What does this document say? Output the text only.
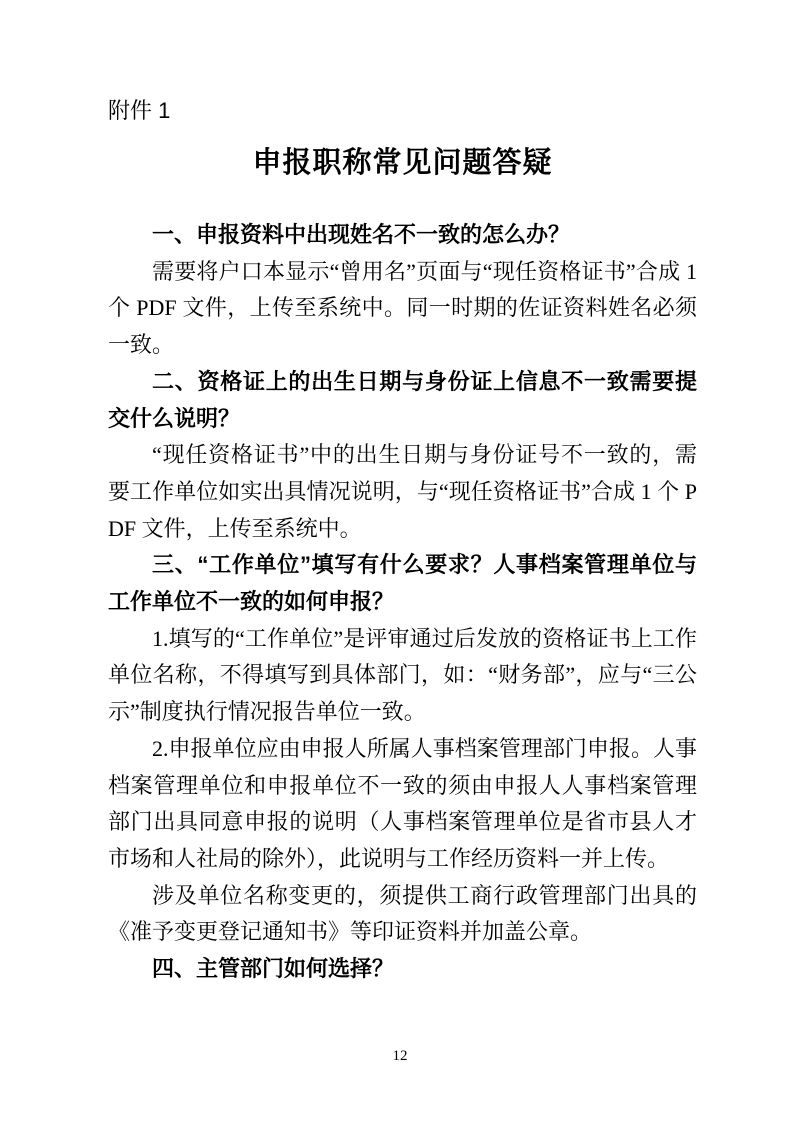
附件 1
申报职称常见问题答疑

一、申报资料中出现姓名不一致的怎么办？

需要将户口本显示“曾用名”页面与“现任资格证书”合成 1 个 PDF 文件，上传至系统中。同一时期的佐证资料姓名必须一致。

二、资格证上的出生日期与身份证上信息不一致需要提交什么说明？

“现任资格证书”中的出生日期与身份证号不一致的，需要工作单位如实出具情况说明，与“现任资格证书”合成 1 个 PDF 文件，上传至系统中。

三、“工作单位”填写有什么要求？人事档案管理单位与工作单位不一致的如何申报？

1.填写的“工作单位”是评审通过后发放的资格证书上工作单位名称，不得填写到具体部门，如：“财务部”，应与“三公示”制度执行情况报告单位一致。

2.申报单位应由申报人所属人事档案管理部门申报。人事档案管理单位和申报单位不一致的须由申报人人事档案管理部门出具同意申报的说明（人事档案管理单位是省市县人才市场和人社局的除外），此说明与工作经历资料一并上传。

涉及单位名称变更的，须提供工商行政管理部门出具的《准予变更登记通知书》等印证资料并加盖公章。

四、主管部门如何选择？

12
